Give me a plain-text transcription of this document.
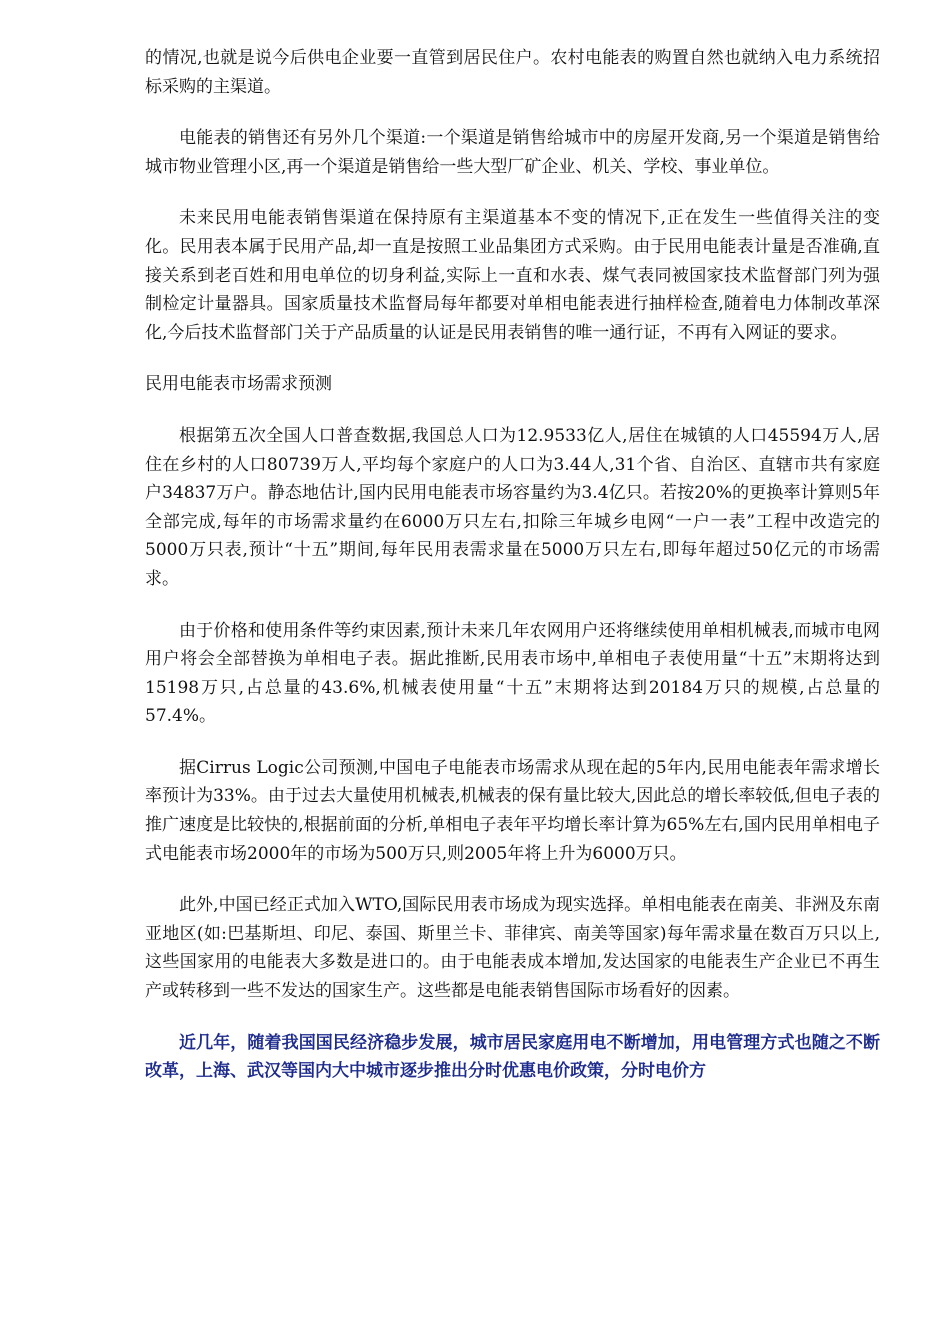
的情况,也就是说今后供电企业要一直管到居民住户。农村电能表的购置自然也就纳入电力系统招标采购的主渠道。

电能表的销售还有另外几个渠道:一个渠道是销售给城市中的房屋开发商,另一个渠道是销售给城市物业管理小区,再一个渠道是销售给一些大型厂矿企业、机关、学校、事业单位。

未来民用电能表销售渠道在保持原有主渠道基本不变的情况下,正在发生一些值得关注的变化。民用表本属于民用产品,却一直是按照工业品集团方式采购。由于民用电能表计量是否准确,直接关系到老百姓和用电单位的切身利益,实际上一直和水表、煤气表同被国家技术监督部门列为强制检定计量器具。国家质量技术监督局每年都要对单相电能表进行抽样检查,随着电力体制改革深化,今后技术监督部门关于产品质量的认证是民用表销售的唯一通行证，不再有入网证的要求。

民用电能表市场需求预测

根据第五次全国人口普查数据,我国总人口为12.9533亿人,居住在城镇的人口45594万人,居住在乡村的人口80739万人,平均每个家庭户的人口为3.44人,31个省、自治区、直辖市共有家庭户34837万户。静态地估计,国内民用电能表市场容量约为3.4亿只。若按20%的更换率计算则5年全部完成,每年的市场需求量约在6000万只左右,扣除三年城乡电网“一户一表”工程中改造完的5000万只表,预计“十五”期间,每年民用表需求量在5000万只左右,即每年超过50亿元的市场需求。

由于价格和使用条件等约束因素,预计未来几年农网用户还将继续使用单相机械表,而城市电网用户将会全部替换为单相电子表。据此推断,民用表市场中,单相电子表使用量“十五”末期将达到15198万只,占总量的43.6%,机械表使用量“十五”末期将达到20184万只的规模,占总量的57.4%。

据Cirrus Logic公司预测,中国电子电能表市场需求从现在起的5年内,民用电能表年需求增长率预计为33%。由于过去大量使用机械表,机械表的保有量比较大,因此总的增长率较低,但电子表的推广速度是比较快的,根据前面的分析,单相电子表年平均增长率计算为65%左右,国内民用单相电子式电能表市场2000年的市场为500万只,则2005年将上升为6000万只。

此外,中国已经正式加入WTO,国际民用表市场成为现实选择。单相电能表在南美、非洲及东南亚地区(如:巴基斯坦、印尼、泰国、斯里兰卡、菲律宾、南美等国家)每年需求量在数百万只以上,这些国家用的电能表大多数是进口的。由于电能表成本增加,发达国家的电能表生产企业已不再生产或转移到一些不发达的国家生产。这些都是电能表销售国际市场看好的因素。

近几年，随着我国国民经济稳步发展，城市居民家庭用电不断增加，用电管理方式也随之不断改革，上海、武汉等国内大中城市逐步推出分时优惠电价政策，分时电价方
